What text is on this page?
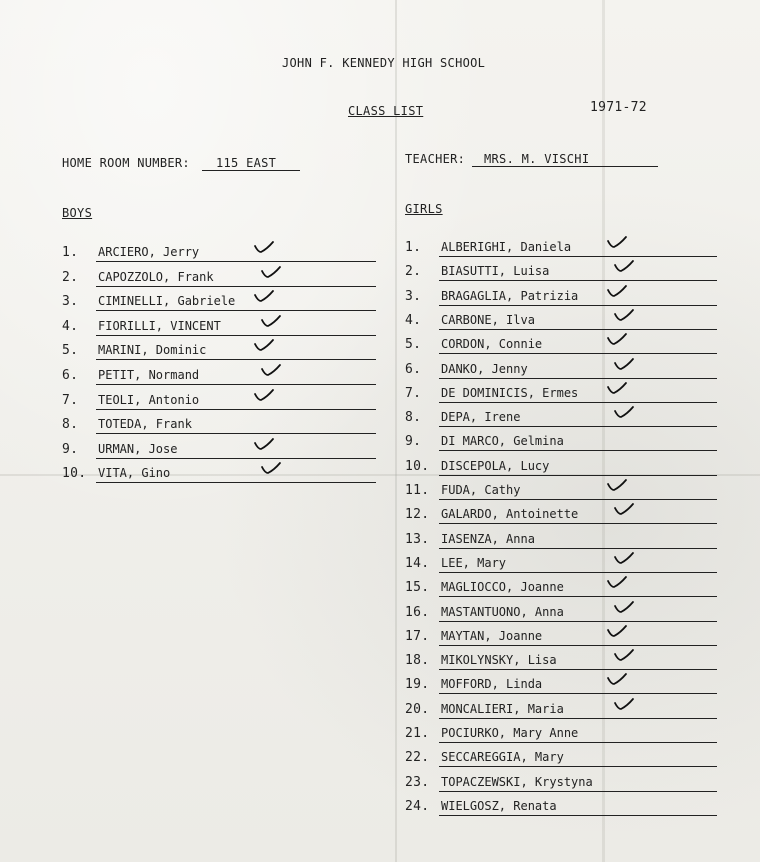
JOHN F. KENNEDY HIGH SCHOOL
CLASS LIST	1971-72
HOME ROOM NUMBER:	115 EAST	TEACHER:	MRS. M. VISCHI
BOYS	GIRLS
1. ARCIERO, Jerry
2. CAPOZZOLO, Frank
3. CIMINELLI, Gabriele
4. FIORILLI, VINCENT
5. MARINI, Dominic
6. PETIT, Normand
7. TEOLI, Antonio
8. TOTEDA, Frank
9. URMAN, Jose
10. VITA, Gino
1. ALBERIGHI, Daniela
2. BIASUTTI, Luisa
3. BRAGAGLIA, Patrizia
4. CARBONE, Ilva
5. CORDON, Connie
6. DANKO, Jenny
7. DE DOMINICIS, Ermes
8. DEPA, Irene
9. DI MARCO, Gelmina
10. DISCEPOLA, Lucy
11. FUDA, Cathy
12. GALARDO, Antoinette
13. IASENZA, Anna
14. LEE, Mary
15. MAGLIOCCO, Joanne
16. MASTANTUONO, Anna
17. MAYTAN, Joanne
18. MIKOLYNSKY, Lisa
19. MOFFORD, Linda
20. MONCALIERI, Maria
21. POCIURKO, Mary Anne
22. SECCAREGGIA, Mary
23. TOPACZEWSKI, Krystyna
24. WIELGOSZ, Renata
